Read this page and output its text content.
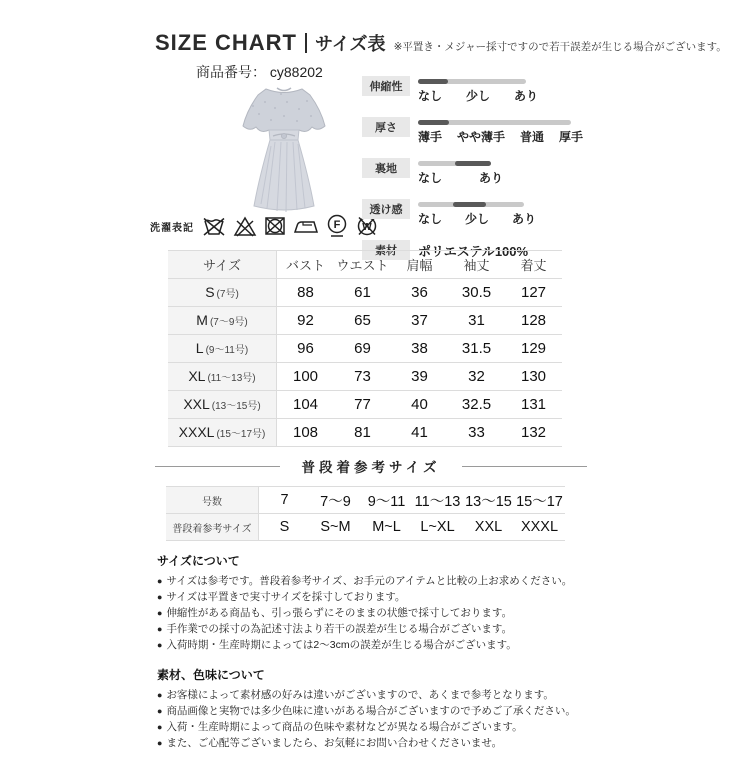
SIZE CHART サイズ表 ※平置き・メジャー採寸ですので若干誤差が生じる場合がございます。
商品番号： cy88202
洗濯表記	F W
伸縮性
なし 少し あり
厚さ
薄手 やや薄手 普通 厚手
裏地
なし	あり
透け感
なし 少し あり
素材	ポリエステル100%
サイズ	バスト	ウエスト	肩幅	袖丈	着丈
S (7号)	88	61	36	30.5	127
M (7〜9号)	92	65	37	31	128
L (9〜11号)	96	69	38	31.5	129
XL (11〜13号)	100	73	39	32	130
XXL (13〜15号)	104	77	40	32.5	131
XXXL (15〜17号)	108	81	41	33	132
普段着参考サイズ
号数	7	7〜9	9〜11	11〜13	13〜15	15〜17
普段着参考サイズ	S	S~M	M~L	L~XL	XXL	XXXL
サイズについて
● サイズは参考です。普段着参考サイズ、お手元のアイテムと比較の上お求めください。
● サイズは平置きで実寸サイズを採寸しております。
● 伸縮性がある商品も、引っ張らずにそのままの状態で採寸しております。
● 手作業での採寸の為記述寸法より若干の誤差が生じる場合がございます。
● 入荷時期・生産時期によっては2〜3cmの誤差が生じる場合がございます。
素材、色味について
● お客様によって素材感の好みは違いがございますので、あくまで参考となります。
● 商品画像と実物では多少色味に違いがある場合がございますので予めご了承ください。
● 入荷・生産時期によって商品の色味や素材などが異なる場合がございます。
● また、ご心配等ございましたら、お気軽にお問い合わせくださいませ。
